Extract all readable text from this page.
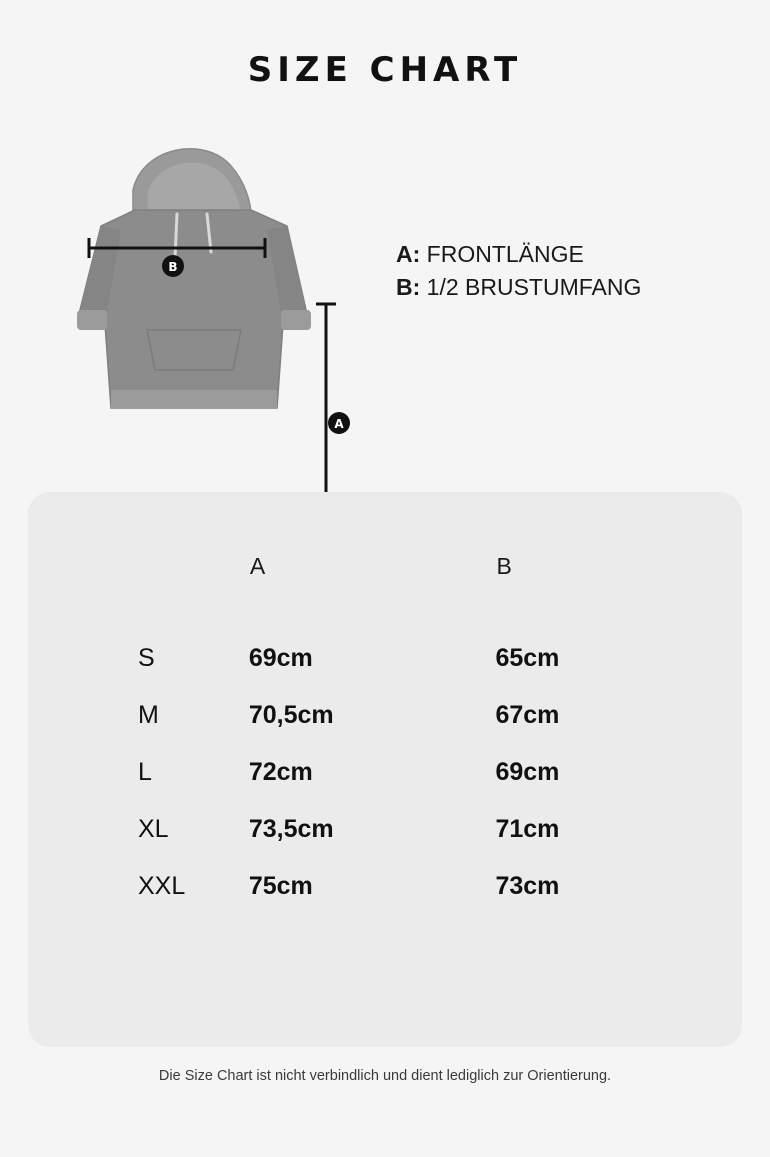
SIZE CHART
B
A
A: FRONTLÄNGE
B: 1/2 BRUSTUMFANG
	A	B
S	69cm	65cm
M	70,5cm	67cm
L	72cm	69cm
XL	73,5cm	71cm
XXL	75cm	73cm
Die Size Chart ist nicht verbindlich und dient lediglich zur Orientierung.
